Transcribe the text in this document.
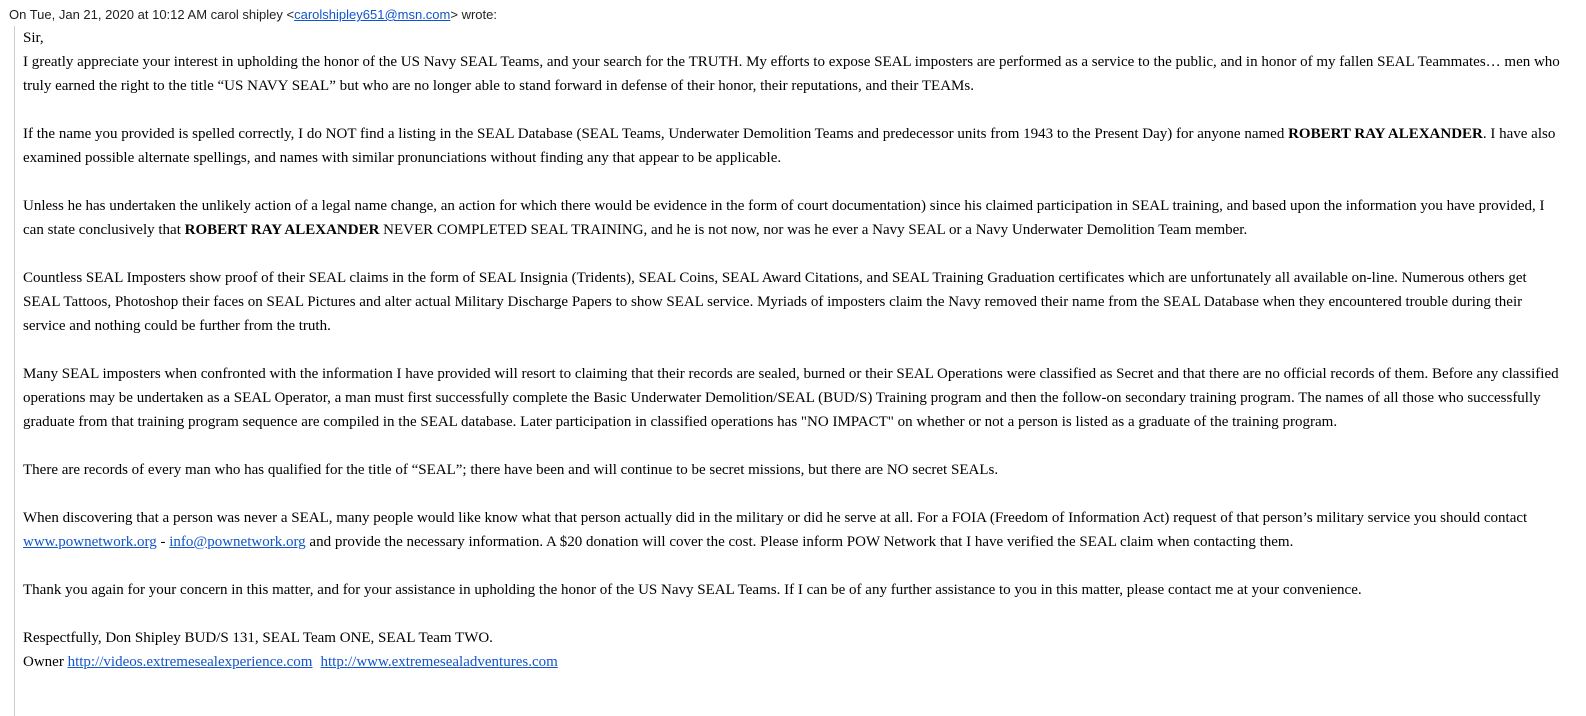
On Tue, Jan 21, 2020 at 10:12 AM carol shipley <carolshipley651@msn.com> wrote:

Sir,

I greatly appreciate your interest in upholding the honor of the US Navy SEAL Teams, and your search for the TRUTH. My efforts to expose SEAL imposters are performed as a service to the public, and in honor of my fallen SEAL Teammates… men who truly earned the right to the title “US NAVY SEAL” but who are no longer able to stand forward in defense of their honor, their reputations, and their TEAMs.

If the name you provided is spelled correctly, I do NOT find a listing in the SEAL Database (SEAL Teams, Underwater Demolition Teams and predecessor units from 1943 to the Present Day) for anyone named ROBERT RAY ALEXANDER. I have also examined possible alternate spellings, and names with similar pronunciations without finding any that appear to be applicable.

Unless he has undertaken the unlikely action of a legal name change, an action for which there would be evidence in the form of court documentation) since his claimed participation in SEAL training, and based upon the information you have provided, I can state conclusively that ROBERT RAY ALEXANDER NEVER COMPLETED SEAL TRAINING, and he is not now, nor was he ever a Navy SEAL or a Navy Underwater Demolition Team member.

Countless SEAL Imposters show proof of their SEAL claims in the form of SEAL Insignia (Tridents), SEAL Coins, SEAL Award Citations, and SEAL Training Graduation certificates which are unfortunately all available on-line. Numerous others get SEAL Tattoos, Photoshop their faces on SEAL Pictures and alter actual Military Discharge Papers to show SEAL service. Myriads of imposters claim the Navy removed their name from the SEAL Database when they encountered trouble during their service and nothing could be further from the truth.

Many SEAL imposters when confronted with the information I have provided will resort to claiming that their records are sealed, burned or their SEAL Operations were classified as Secret and that there are no official records of them. Before any classified operations may be undertaken as a SEAL Operator, a man must first successfully complete the Basic Underwater Demolition/SEAL (BUD/S) Training program and then the follow-on secondary training program. The names of all those who successfully graduate from that training program sequence are compiled in the SEAL database. Later participation in classified operations has "NO IMPACT" on whether or not a person is listed as a graduate of the training program.

There are records of every man who has qualified for the title of “SEAL”; there have been and will continue to be secret missions, but there are NO secret SEALs.

When discovering that a person was never a SEAL, many people would like know what that person actually did in the military or did he serve at all. For a FOIA (Freedom of Information Act) request of that person’s military service you should contact www.pownetwork.org - info@pownetwork.org and provide the necessary information. A $20 donation will cover the cost. Please inform POW Network that I have verified the SEAL claim when contacting them.

Thank you again for your concern in this matter, and for your assistance in upholding the honor of the US Navy SEAL Teams. If I can be of any further assistance to you in this matter, please contact me at your convenience.

Respectfully, Don Shipley BUD/S 131, SEAL Team ONE, SEAL Team TWO.

Owner http://videos.extremesealexperience.com http://www.extremesealadventures.com
